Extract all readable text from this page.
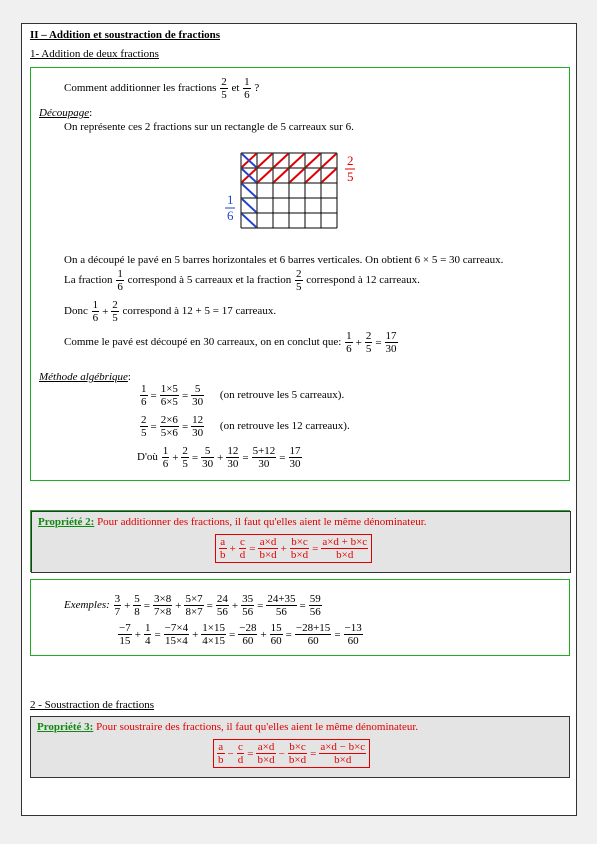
II – Addition et soustraction de fractions
1- Addition de deux fractions
Comment additionner les fractions $\frac{2}{5}$ et $\frac{1}{6}$ ?
Découpage:
On représente ces 2 fractions sur un rectangle de 5 carreaux sur 6.
2
5
1
6
On a découpé le pavé en 5 barres horizontales et 6 barres verticales. On obtient 6 × 5 = 30 carreaux.
La fraction $\frac{1}{6}$ correspond à 5 carreaux et la fraction $\frac{2}{5}$ correspond à 12 carreaux.
Donc $\frac{1}{6} + \frac{2}{5}$ correspond à 12 + 5 = 17 carreaux.
Comme le pavé est découpé en 30 carreaux, on en conclut que: $\frac{1}{6} + \frac{2}{5} = \frac{17}{30}$
Méthode algébrique:
$\frac{1}{6} = \frac{1\times 5}{6\times 5} = \frac{5}{30} (on$ retrouve les 5 carreaux).
$\frac{2}{5} = \frac{2\times 6}{5\times 6} = \frac{12}{30} (on$ retrouve les 12 carreaux).
D'où $\frac{1}{6} + \frac{2}{5} = \frac{5}{30} + \frac{12}{30} = \frac{5+12}{30} = \frac{17}{30}$
Propriété 2: Pour additionner des fractions, il faut qu'elles aient le même dénominateur.
$\frac{a}{b} + \frac{c}{d} = \frac{a\times d}{b\times d} + \frac{b\times c}{b\times d} = \frac{a\times d + b\times c}{b\times d}$
Exemples: $\frac{3}{7} + \frac{5}{8} = \frac{3\times 8}{7\times 8} + \frac{5\times 7}{8\times 7} = \frac{24}{56} + \frac{35}{56} = \frac{24+35}{56} = \frac{59}{56}$
$\frac{-7}{15} + \frac{1}{4} = \frac{-7\times 4}{15\times 4} + \frac{1\times 15}{4\times 15} = \frac{-28}{60} + \frac{15}{60} = \frac{-28+15}{60} = \frac{-13}{60}$
2 - Soustraction de fractions
Propriété 3: Pour soustraire des fractions, il faut qu'elles aient le même dénominateur.
$\frac{a}{b} - \frac{c}{d} = \frac{a\times d}{b\times d} - \frac{b\times c}{b\times d} = \frac{a\times d - b\times c}{b\times d}$
